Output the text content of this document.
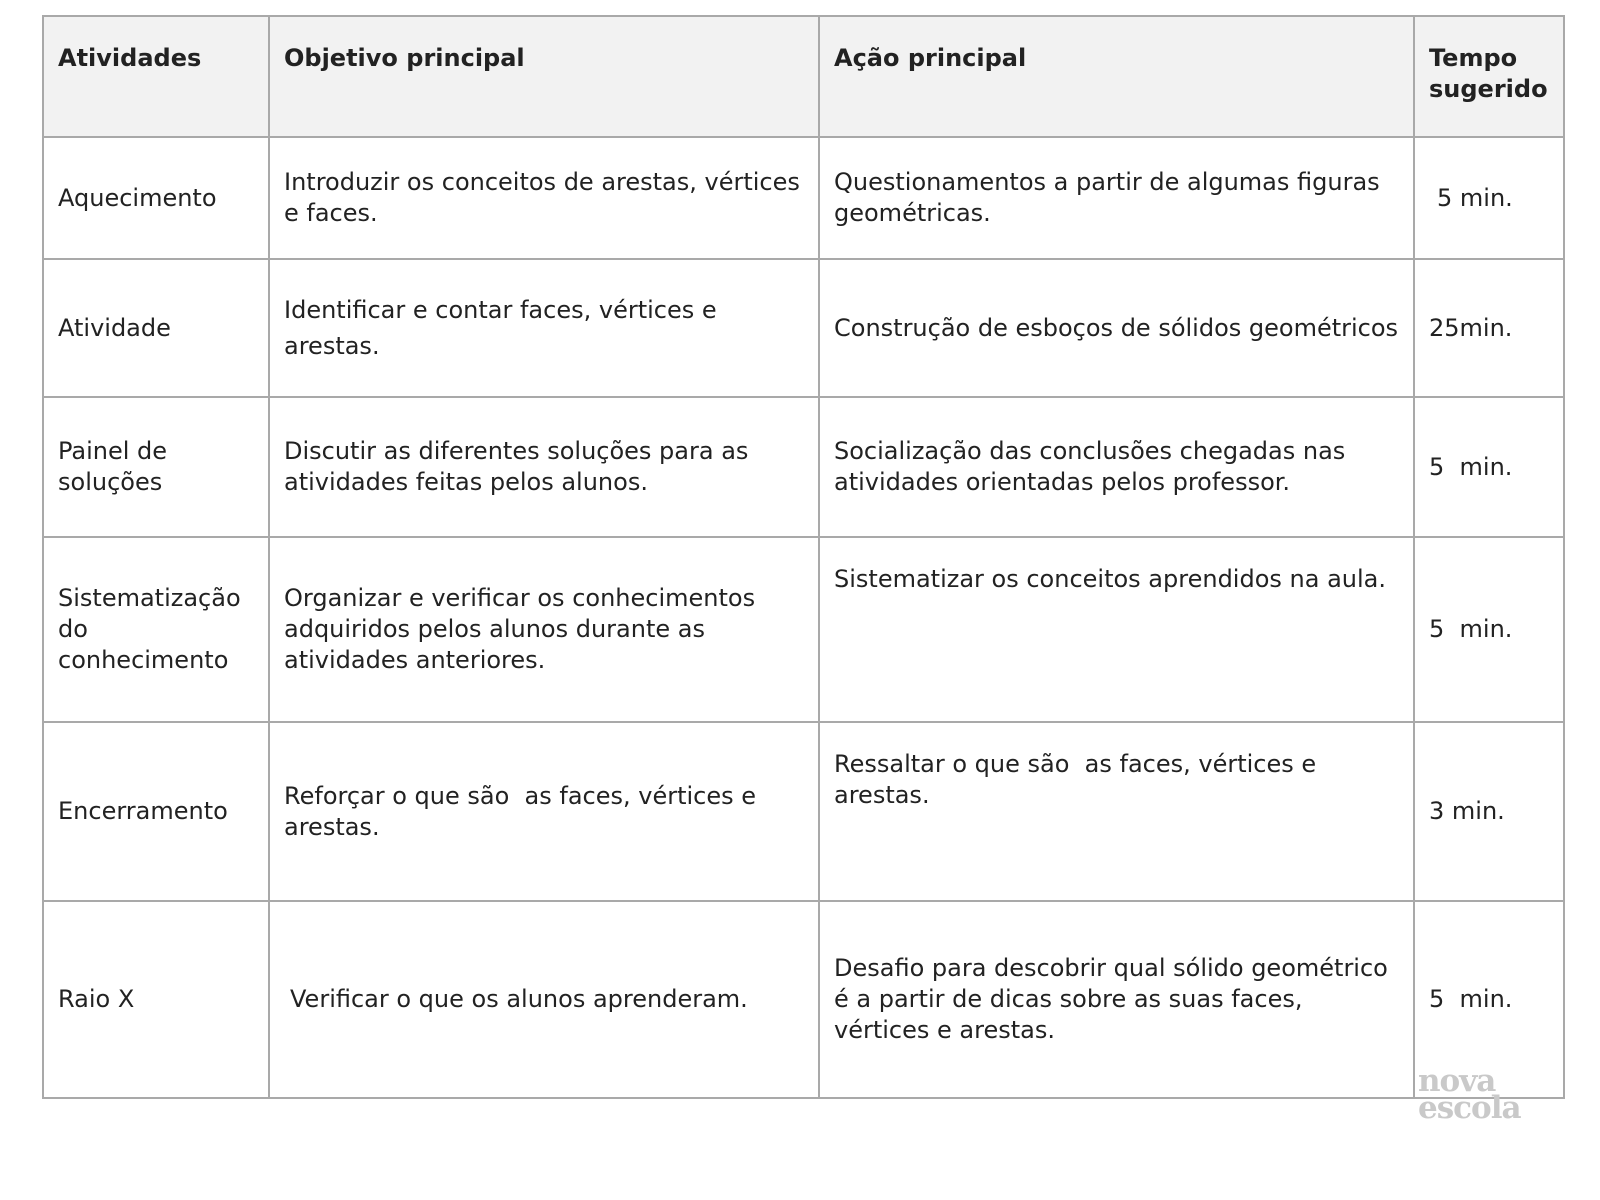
Atividades	Objetivo principal	Ação principal	Tempo sugerido
Aquecimento	Introduzir os conceitos de arestas, vértices e faces.	Questionamentos a partir de algumas figuras geométricas.	5 min.
Atividade	Identificar e contar faces, vértices e arestas.	Construção de esboços de sólidos geométricos	25min.
Painel de soluções	Discutir as diferentes soluções para as atividades feitas pelos alunos.	Socialização das conclusões chegadas nas atividades orientadas pelos professor.	5  min.
Sistematização do conhecimento	Organizar e verificar os conhecimentos adquiridos pelos alunos durante as atividades anteriores.	Sistematizar os conceitos aprendidos na aula.	5  min.
Encerramento	Reforçar o que são  as faces, vértices e arestas.	Ressaltar o que são  as faces, vértices e arestas.	3 min.
Raio X	Verificar o que os alunos aprenderam.	Desafio para descobrir qual sólido geométrico é a partir de dicas sobre as suas faces, vértices e arestas.	5  min.
nova
escola
